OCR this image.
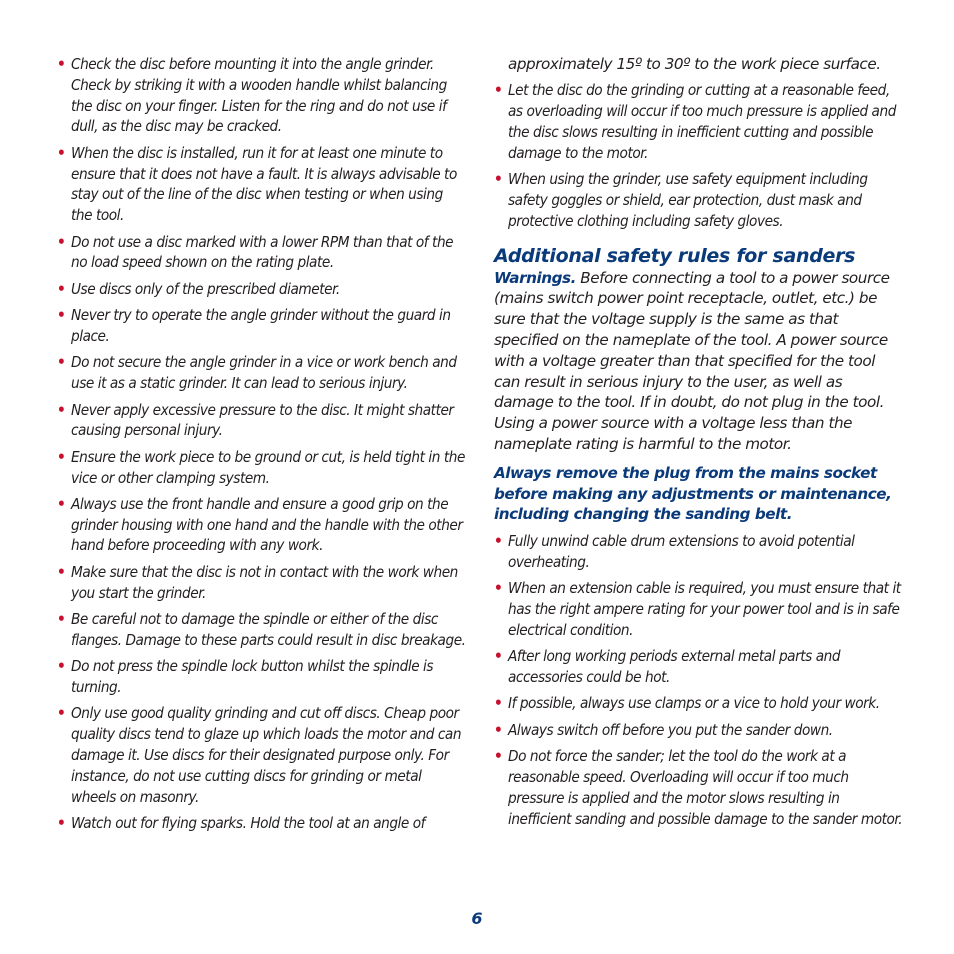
• Check the disc before mounting it into the angle grinder. Check by striking it with a wooden handle whilst balancing the disc on your finger. Listen for the ring and do not use if dull, as the disc may be cracked.
• When the disc is installed, run it for at least one minute to ensure that it does not have a fault. It is always advisable to stay out of the line of the disc when testing or when using the tool.
• Do not use a disc marked with a lower RPM than that of the no load speed shown on the rating plate.
• Use discs only of the prescribed diameter.
• Never try to operate the angle grinder without the guard in place.
• Do not secure the angle grinder in a vice or work bench and use it as a static grinder. It can lead to serious injury.
• Never apply excessive pressure to the disc. It might shatter causing personal injury.
• Ensure the work piece to be ground or cut, is held tight in the vice or other clamping system.
• Always use the front handle and ensure a good grip on the grinder housing with one hand and the handle with the other hand before proceeding with any work.
• Make sure that the disc is not in contact with the work when you start the grinder.
• Be careful not to damage the spindle or either of the disc flanges. Damage to these parts could result in disc breakage.
• Do not press the spindle lock button whilst the spindle is turning.
• Only use good quality grinding and cut off discs. Cheap poor quality discs tend to glaze up which loads the motor and can damage it. Use discs for their designated purpose only. For instance, do not use cutting discs for grinding or metal wheels on masonry.
• Watch out for flying sparks. Hold the tool at an angle of
approximately 15º to 30º to the work piece surface.
• Let the disc do the grinding or cutting at a reasonable feed, as overloading will occur if too much pressure is applied and the disc slows resulting in inefficient cutting and possible damage to the motor.
• When using the grinder, use safety equipment including safety goggles or shield, ear protection, dust mask and protective clothing including safety gloves.
Additional safety rules for sanders

Warnings. Before connecting a tool to a power source (mains switch power point receptacle, outlet, etc.) be sure that the voltage supply is the same as that specified on the nameplate of the tool. A power source with a voltage greater than that specified for the tool can result in serious injury to the user, as well as damage to the tool. If in doubt, do not plug in the tool. Using a power source with a voltage less than the nameplate rating is harmful to the motor.

Always remove the plug from the mains socket before making any adjustments or maintenance, including changing the sanding belt.

• Fully unwind cable drum extensions to avoid potential overheating.
• When an extension cable is required, you must ensure that it has the right ampere rating for your power tool and is in safe electrical condition.
• After long working periods external metal parts and accessories could be hot.
• If possible, always use clamps or a vice to hold your work.
• Always switch off before you put the sander down.
• Do not force the sander; let the tool do the work at a reasonable speed. Overloading will occur if too much pressure is applied and the motor slows resulting in inefficient sanding and possible damage to the sander motor.
6
